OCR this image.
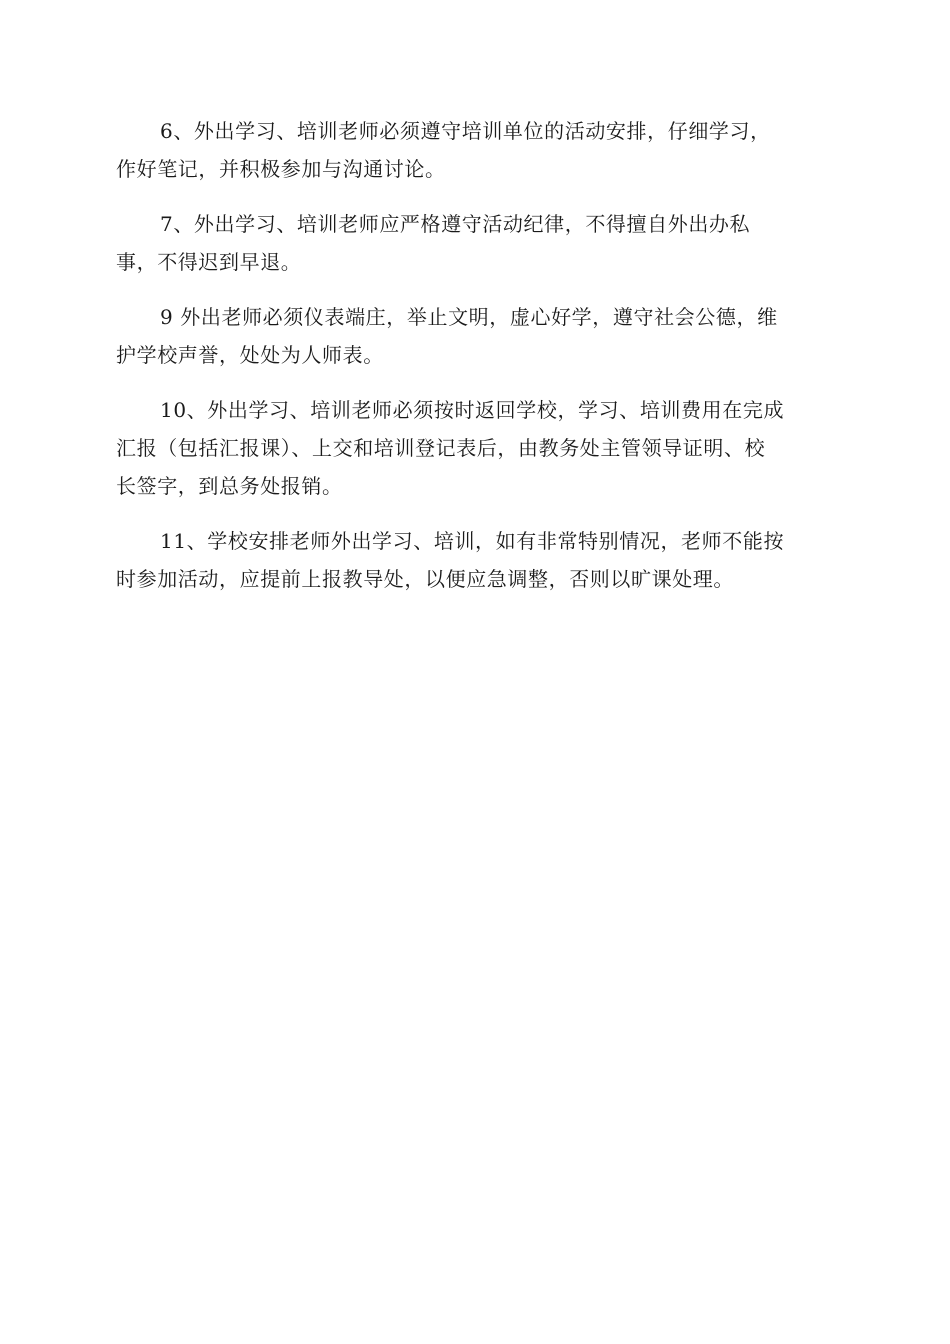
6、外出学习、培训老师必须遵守培训单位的活动安排，仔细学习，
作好笔记，并积极参加与沟通讨论。

7、外出学习、培训老师应严格遵守活动纪律，不得擅自外出办私
事，不得迟到早退。

9 外出老师必须仪表端庄，举止文明，虚心好学，遵守社会公德，维
护学校声誉，处处为人师表。

10、外出学习、培训老师必须按时返回学校，学习、培训费用在完成
汇报（包括汇报课）、上交和培训登记表后，由教务处主管领导证明、校
长签字，到总务处报销。

11、学校安排老师外出学习、培训，如有非常特别情况，老师不能按
时参加活动，应提前上报教导处，以便应急调整，否则以旷课处理。
